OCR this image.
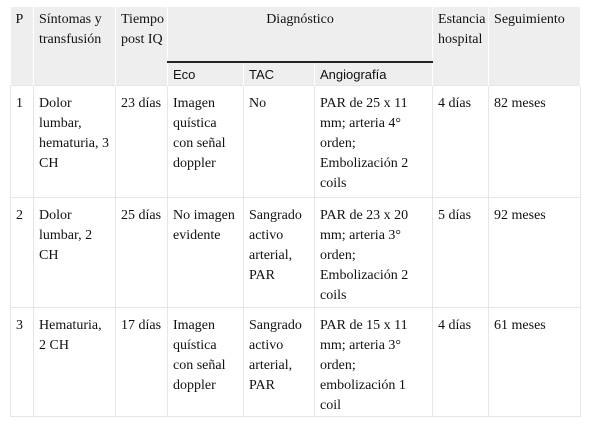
P	Síntomas y transfusión	Tiempo post IQ	Diagnóstico			Estancia hospital	Seguimiento
			Eco	TAC	Angiografía		
1	Dolor lumbar, hematuria, 3 CH	23 días	Imagen quística con señal doppler	No	PAR de 25 x 11 mm; arteria 4° orden; Embolización 2 coils	4 días	82 meses
2	Dolor lumbar, 2 CH	25 días	No imagen evidente	Sangrado activo arterial, PAR	PAR de 23 x 20 mm; arteria 3° orden; Embolización 2 coils	5 días	92 meses
3	Hematuria, 2 CH	17 días	Imagen quística con señal doppler	Sangrado activo arterial, PAR	PAR de 15 x 11 mm; arteria 3° orden; embolización 1 coil	4 días	61 meses
